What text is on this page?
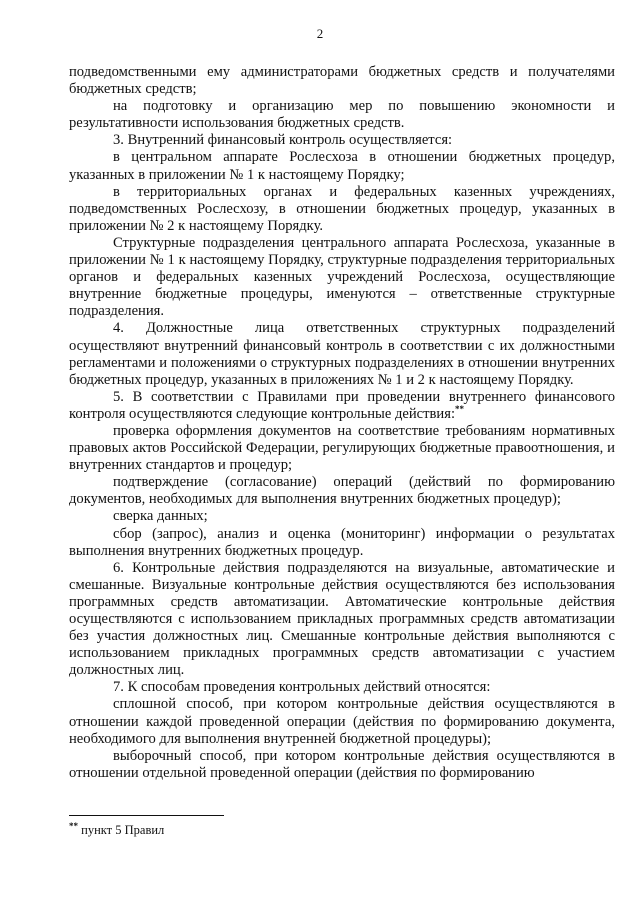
2

подведомственными ему администраторами бюджетных средств и получателями бюджетных средств;

на подготовку и организацию мер по повышению экономности и результативности использования бюджетных средств.

3. Внутренний финансовый контроль осуществляется:

в центральном аппарате Рослесхоза в отношении бюджетных процедур, указанных в приложении № 1 к настоящему Порядку;

в территориальных органах и федеральных казенных учреждениях, подведомственных Рослесхозу, в отношении бюджетных процедур, указанных в приложении № 2 к настоящему Порядку.

Структурные подразделения центрального аппарата Рослесхоза, указанные в приложении № 1 к настоящему Порядку, структурные подразделения территориальных органов и федеральных казенных учреждений Рослесхоза, осуществляющие внутренние бюджетные процедуры, именуются – ответственные структурные подразделения.

4. Должностные лица ответственных структурных подразделений осуществляют внутренний финансовый контроль в соответствии с их должностными регламентами и положениями о структурных подразделениях в отношении внутренних бюджетных процедур, указанных в приложениях № 1 и 2 к настоящему Порядку.

5. В соответствии с Правилами при проведении внутреннего финансового контроля осуществляются следующие контрольные действия:**

проверка оформления документов на соответствие требованиям нормативных правовых актов Российской Федерации, регулирующих бюджетные правоотношения, и внутренних стандартов и процедур;

подтверждение (согласование) операций (действий по формированию документов, необходимых для выполнения внутренних бюджетных процедур);

сверка данных;

сбор (запрос), анализ и оценка (мониторинг) информации о результатах выполнения внутренних бюджетных процедур.

6. Контрольные действия подразделяются на визуальные, автоматические и смешанные. Визуальные контрольные действия осуществляются без использования программных средств автоматизации. Автоматические контрольные действия осуществляются с использованием прикладных программных средств автоматизации без участия должностных лиц. Смешанные контрольные действия выполняются с использованием прикладных программных средств автоматизации с участием должностных лиц.

7. К способам проведения контрольных действий относятся:

сплошной способ, при котором контрольные действия осуществляются в отношении каждой проведенной операции (действия по формированию документа, необходимого для выполнения внутренней бюджетной процедуры);

выборочный способ, при котором контрольные действия осуществляются в отношении отдельной проведенной операции (действия по формированию

** пункт 5 Правил
